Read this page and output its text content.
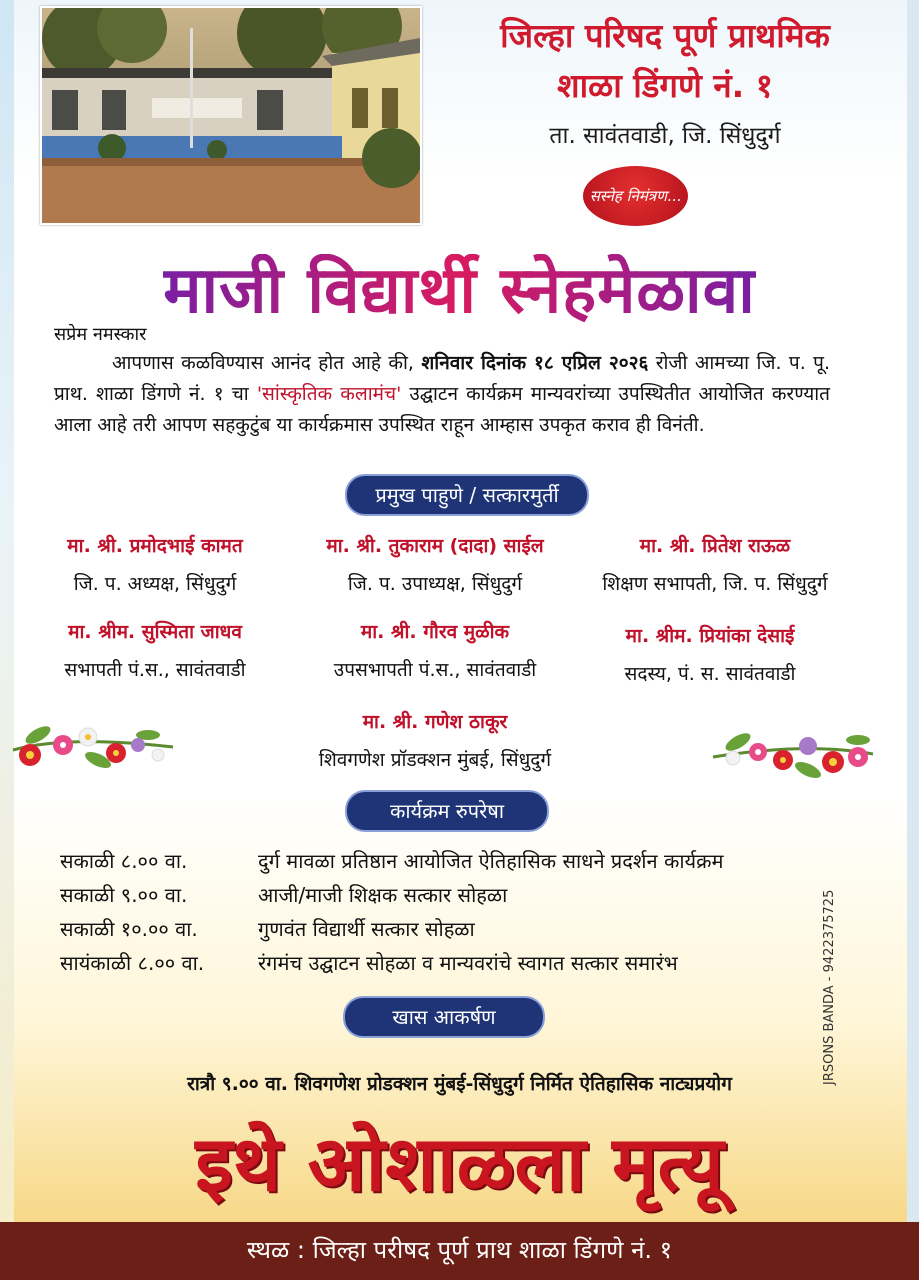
जिल्हा परिषद पूर्ण प्राथमिक
शाळा डिंगणे नं. १
ता. सावंतवाडी, जि. सिंधुदुर्ग
सस्नेह निमंत्रण...
माजी विद्यार्थी स्नेहमेळावा
सप्रेम नमस्कार
आपणास कळविण्यास आनंद होत आहे की, शनिवार दिनांक १८ एप्रिल २०२६ रोजी आमच्या जि. प. पू. प्राथ. शाळा डिंगणे नं. १ चा 'सांस्कृतिक कलामंच' उद्घाटन कार्यक्रम मान्यवरांच्या उपस्थितीत आयोजित करण्यात आला आहे तरी आपण सहकुटुंब या कार्यक्रमास उपस्थित राहून आम्हास उपकृत कराव ही विनंती.
प्रमुख पाहुणे / सत्कारमुर्ती
मा. श्री. प्रमोदभाई कामत
जि. प. अध्यक्ष, सिंधुदुर्ग
मा. श्री. तुकाराम (दादा) साईल
जि. प. उपाध्यक्ष, सिंधुदुर्ग
मा. श्री. प्रितेश राऊळ
शिक्षण सभापती, जि. प. सिंधुदुर्ग
मा. श्रीम. सुस्मिता जाधव
सभापती पं.स., सावंतवाडी
मा. श्री. गौरव मुळीक
उपसभापती पं.स., सावंतवाडी
मा. श्रीम. प्रियांका देसाई
सदस्य, पं. स. सावंतवाडी
मा. श्री. गणेश ठाकूर
शिवगणेश प्रॉडक्शन मुंबई, सिंधुदुर्ग
कार्यक्रम रुपरेषा
सकाळी ८.०० वा.	दुर्ग मावळा प्रतिष्ठान आयोजित ऐतिहासिक साधने प्रदर्शन कार्यक्रम
सकाळी ९.०० वा.	आजी/माजी शिक्षक सत्कार सोहळा
सकाळी १०.०० वा.	गुणवंत विद्यार्थी सत्कार सोहळा
सायंकाळी ८.०० वा.	रंगमंच उद्घाटन सोहळा व मान्यवरांचे स्वागत सत्कार समारंभ
खास आकर्षण
रात्रौ ९.०० वा. शिवगणेश प्रोडक्शन मुंबई-सिंधुदुर्ग निर्मित ऐतिहासिक नाट्यप्रयोग
इथे ओशाळला मृत्यू
JRSONS BANDA - 9422375725
स्थळ : जिल्हा परीषद पूर्ण प्राथ शाळा डिंगणे नं. १
